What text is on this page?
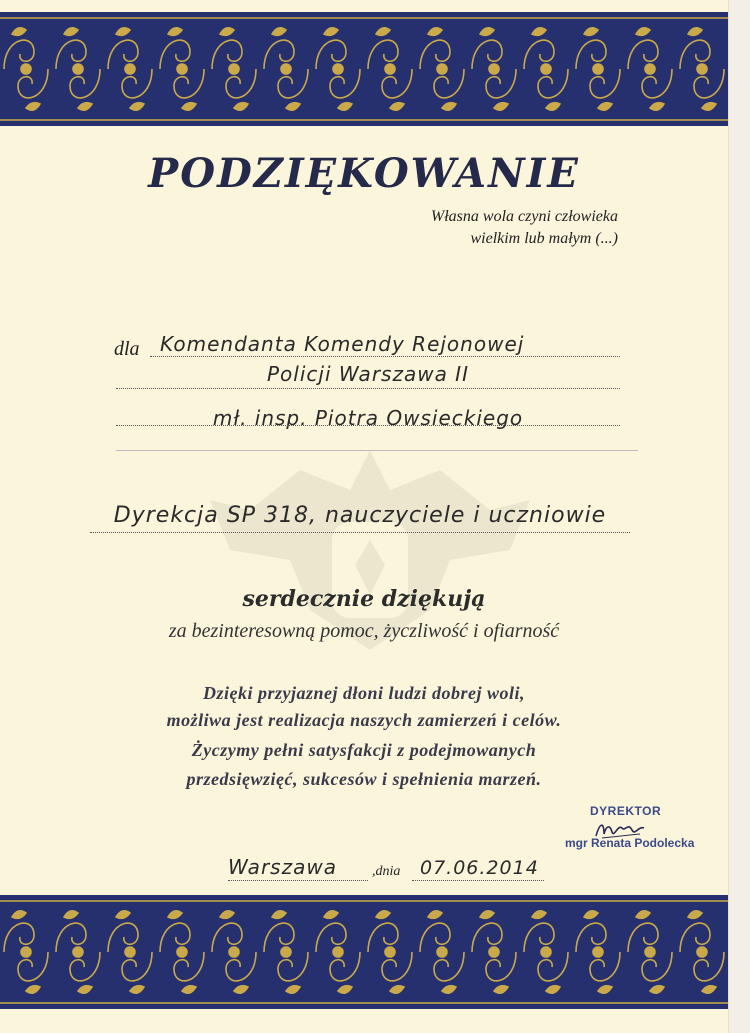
PODZIĘKOWANIE
Własna wola czyni człowieka
wielkim lub małym (...)
dla Komendanta Komendy Rejonowej
Policji Warszawa II
mł. insp. Piotra Owsieckiego
Dyrekcja SP 318, nauczyciele i uczniowie
serdecznie dziękują
za bezinteresowną pomoc, życzliwość i ofiarność
Dzięki przyjaznej dłoni ludzi dobrej woli,
możliwa jest realizacja naszych zamierzeń i celów.
Życzymy pełni satysfakcji z podejmowanych
przedsięwzięć, sukcesów i spełnienia marzeń.
DYREKTOR
mgr Renata Podolecka
Warszawa	,dnia 07.06.2014
